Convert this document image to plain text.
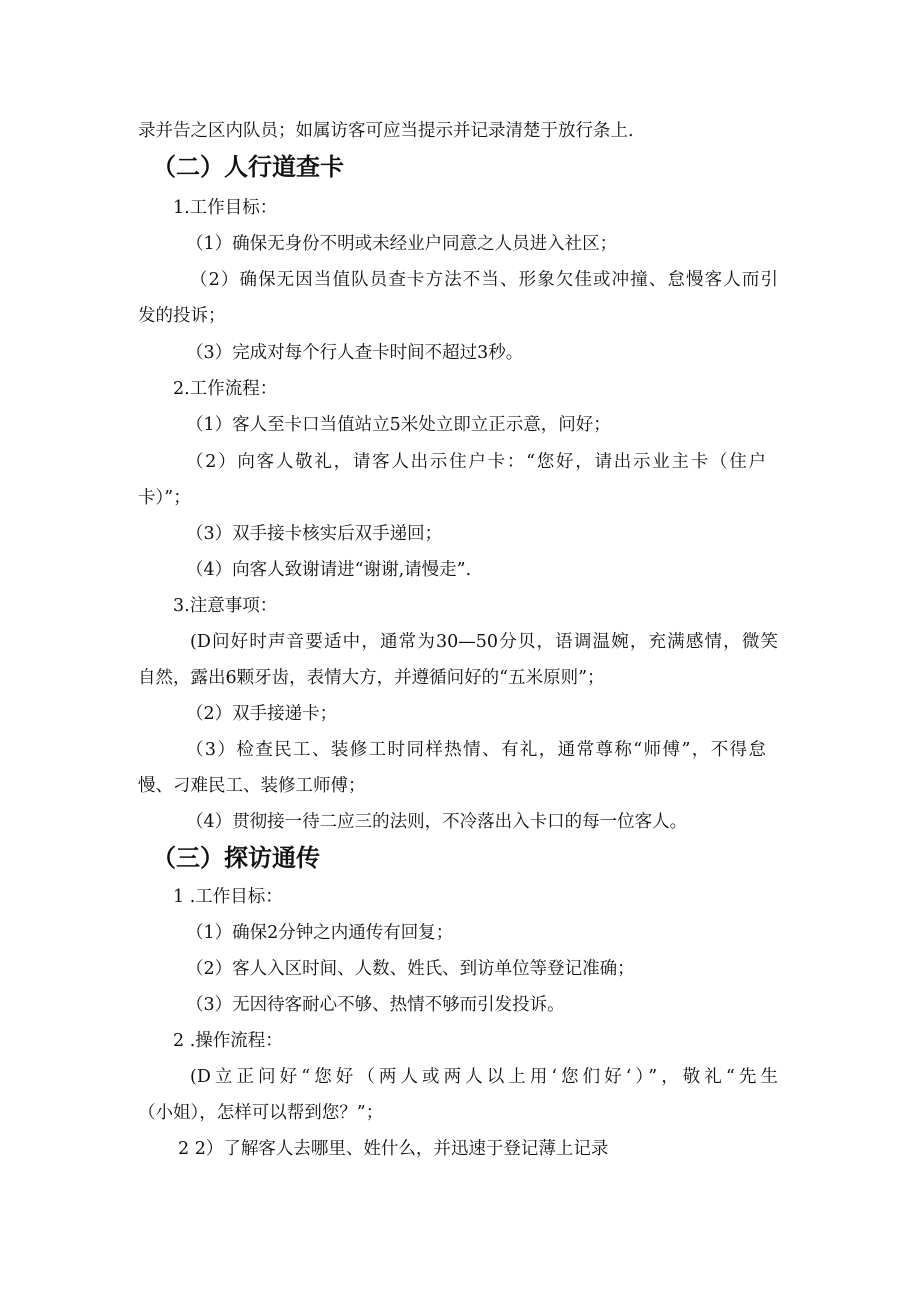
录并告之区内队员；如属访客可应当提示并记录清楚于放行条上.

（二）人行道查卡

1.工作目标：

（1）确保无身份不明或未经业户同意之人员进入社区；

（2）确保无因当值队员查卡方法不当、形象欠佳或冲撞、怠慢客人而引

发的投诉；

（3）完成对每个行人查卡时间不超过3秒。

2.工作流程：

（1）客人至卡口当值站立5米处立即立正示意，问好；

（2）向客人敬礼，请客人出示住户卡：“您好，请出示业主卡（住户

卡）”；

（3）双手接卡核实后双手递回；

（4）向客人致谢请进“谢谢,请慢走”.

3.注意事项：

(D问好时声音要适中，通常为30—50分贝，语调温婉，充满感情，微笑

自然，露出6颗牙齿，表情大方，并遵循问好的“五米原则”；

（2）双手接递卡；

（3）检查民工、装修工时同样热情、有礼，通常尊称“师傅”，不得怠

慢、刁难民工、装修工师傅；

（4）贯彻接一待二应三的法则，不冷落出入卡口的每一位客人。

（三）探访通传

1 .工作目标：

（1）确保2分钟之内通传有回复；

（2）客人入区时间、人数、姓氏、到访单位等登记准确；

（3）无因待客耐心不够、热情不够而引发投诉。

2 .操作流程：

(D立正问好“您好（两人或两人以上用‘您们好‘）”，敬礼“先生

（小姐），怎样可以帮到您？”；

2 2）了解客人去哪里、姓什么，并迅速于登记薄上记录
